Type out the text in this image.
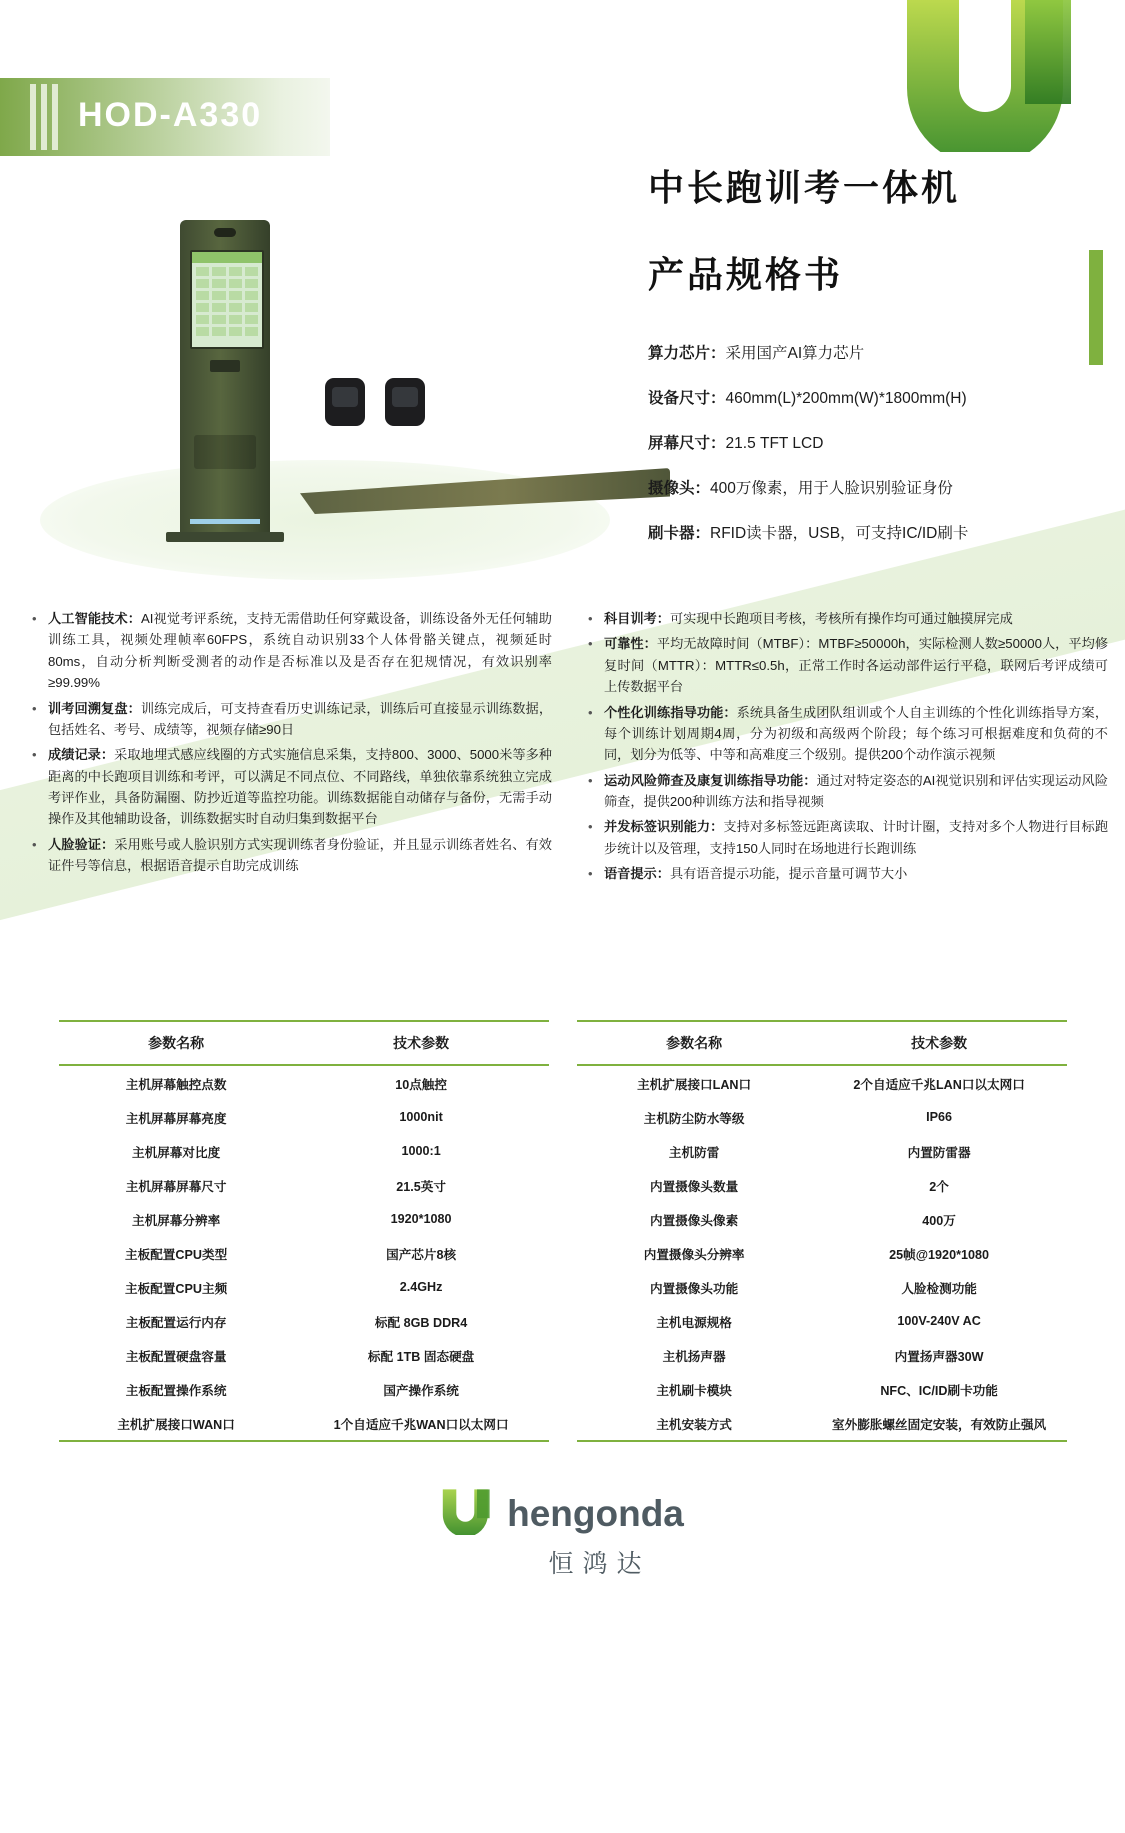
HOD-A330
中长跑训考一体机
产品规格书
算力芯片：采用国产AI算力芯片
设备尺寸：460mm(L)*200mm(W)*1800mm(H)
屏幕尺寸：21.5 TFT LCD
摄像头：400万像素，用于人脸识别验证身份
刷卡器：RFID读卡器，USB，可支持IC/ID刷卡
• 人工智能技术：AI视觉考评系统，支持无需借助任何穿戴设备，训练设备外无任何辅助训练工具，视频处理帧率60FPS，系统自动识别33个人体骨骼关键点，视频延时80ms，自动分析判断受测者的动作是否标准以及是否存在犯规情况，有效识别率≥99.99%
• 训考回溯复盘：训练完成后，可支持查看历史训练记录，训练后可直接显示训练数据，包括姓名、考号、成绩等，视频存储≥90日
• 成绩记录：采取地埋式感应线圈的方式实施信息采集，支持800、3000、5000米等多种距离的中长跑项目训练和考评，可以满足不同点位、不同路线，单独依靠系统独立完成考评作业，具备防漏圈、防抄近道等监控功能。训练数据能自动储存与备份，无需手动操作及其他辅助设备，训练数据实时自动归集到数据平台
• 人脸验证：采用账号或人脸识别方式实现训练者身份验证，并且显示训练者姓名、有效证件号等信息，根据语音提示自助完成训练
• 科目训考：可实现中长跑项目考核，考核所有操作均可通过触摸屏完成
• 可靠性：平均无故障时间（MTBF）：MTBF≥50000h，实际检测人数≥50000人，平均修复时间（MTTR）：MTTR≤0.5h，正常工作时各运动部件运行平稳，联网后考评成绩可上传数据平台
• 个性化训练指导功能：系统具备生成团队组训或个人自主训练的个性化训练指导方案，每个训练计划周期4周，分为初级和高级两个阶段；每个练习可根据难度和负荷的不同，划分为低等、中等和高难度三个级别。提供200个动作演示视频
• 运动风险筛查及康复训练指导功能：通过对特定姿态的AI视觉识别和评估实现运动风险筛查，提供200种训练方法和指导视频
• 并发标签识别能力：支持对多标签远距离读取、计时计圈，支持对多个人物进行目标跑步统计以及管理，支持150人同时在场地进行长跑训练
• 语音提示：具有语音提示功能，提示音量可调节大小
参数名称	技术参数
主机屏幕触控点数	10点触控
主机屏幕屏幕亮度	1000nit
主机屏幕对比度	1000:1
主机屏幕屏幕尺寸	21.5英寸
主机屏幕分辨率	1920*1080
主板配置CPU类型	国产芯片8核
主板配置CPU主频	2.4GHz
主板配置运行内存	标配 8GB DDR4
主板配置硬盘容量	标配 1TB 固态硬盘
主板配置操作系统	国产操作系统
主机扩展接口WAN口	1个自适应千兆WAN口以太网口
参数名称	技术参数
主机扩展接口LAN口	2个自适应千兆LAN口以太网口
主机防尘防水等级	IP66
主机防雷	内置防雷器
内置摄像头数量	2个
内置摄像头像素	400万
内置摄像头分辨率	25帧@1920*1080
内置摄像头功能	人脸检测功能
主机电源规格	100V-240V AC
主机扬声器	内置扬声器30W
主机刷卡模块	NFC、IC/ID刷卡功能
主机安装方式	室外膨胀螺丝固定安装，有效防止强风
hengonda
恒鸿达
